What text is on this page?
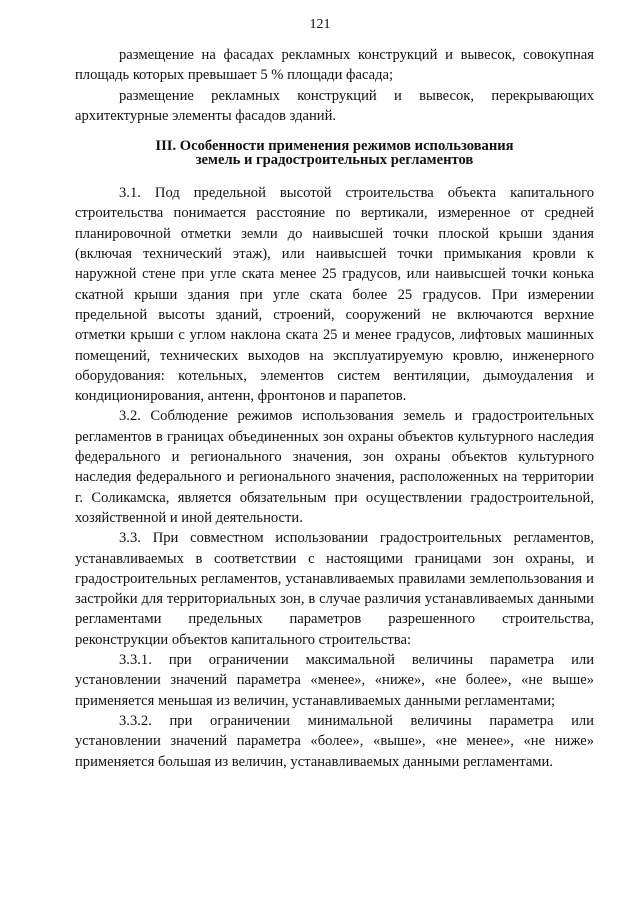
121

размещение на фасадах рекламных конструкций и вывесок, совокупная площадь которых превышает 5 % площади фасада;

размещение рекламных конструкций и вывесок, перекрывающих архитектурные элементы фасадов зданий.

III. Особенности применения режимов использования
земель и градостроительных регламентов

3.1. Под предельной высотой строительства объекта капитального строительства понимается расстояние по вертикали, измеренное от средней планировочной отметки земли до наивысшей точки плоской крыши здания (включая технический этаж), или наивысшей точки примыкания кровли к наружной стене при угле ската менее 25 градусов, или наивысшей точки конька скатной крыши здания при угле ската более 25 градусов. При измерении предельной высоты зданий, строений, сооружений не включаются верхние отметки крыши с углом наклона ската 25 и менее градусов, лифтовых машинных помещений, технических выходов на эксплуатируемую кровлю, инженерного оборудования: котельных, элементов систем вентиляции, дымоудаления и кондиционирования, антенн, фронтонов и парапетов.

3.2. Соблюдение режимов использования земель и градостроительных регламентов в границах объединенных зон охраны объектов культурного наследия федерального и регионального значения, зон охраны объектов культурного наследия федерального и регионального значения, расположенных на территории г. Соликамска, является обязательным при осуществлении градостроительной, хозяйственной и иной деятельности.

3.3. При совместном использовании градостроительных регламентов, устанавливаемых в соответствии с настоящими границами зон охраны, и градостроительных регламентов, устанавливаемых правилами землепользования и застройки для территориальных зон, в случае различия устанавливаемых данными регламентами предельных параметров разрешенного строительства, реконструкции объектов капитального строительства:

3.3.1. при ограничении максимальной величины параметра или установлении значений параметра «менее», «ниже», «не более», «не выше» применяется меньшая из величин, устанавливаемых данными регламентами;

3.3.2. при ограничении минимальной величины параметра или установлении значений параметра «более», «выше», «не менее», «не ниже» применяется большая из величин, устанавливаемых данными регламентами.
